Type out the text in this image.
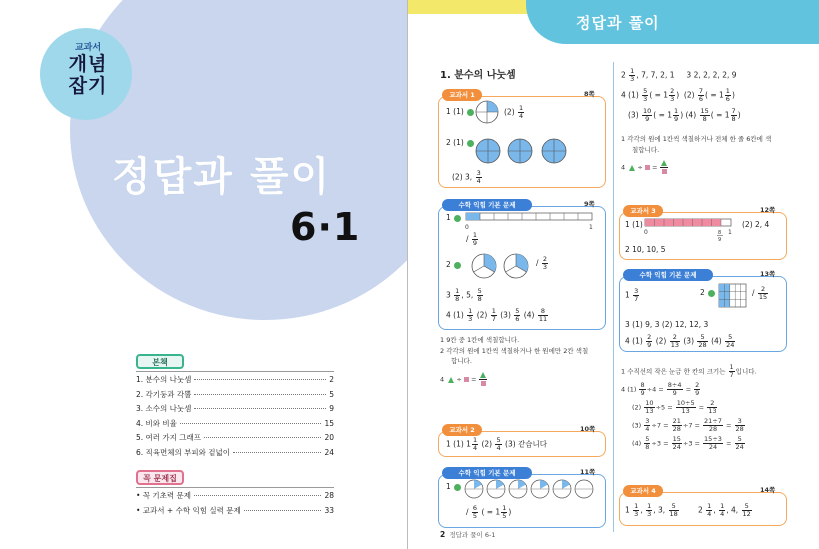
교과서
개념
잡기
정답과 풀이
6·1
본책
1. 분수의 나눗셈	2
2. 각기둥과 각뿔	5
3. 소수의 나눗셈	9
4. 비와 비율	15
5. 여러 가지 그래프	20
6. 직육면체의 부피와 겉넓이	24
꼭 문제집
• 꼭 기초력 문제	28
• 교과서 + 수학 익힘 실력 문제	33
정답과 풀이
1. 분수의 나눗셈
교과서 1	8쪽
1 (1)	$(2) \frac{1}{4}$
2 (1)
(2) 3, $\frac{3}{4}$
수학 익힘 기본 문제	9쪽
1
0	1
/ $\frac{1}{9}$
2	/ $\frac{2}{3}$
$3 \frac{1}{8}$ , 5, $\frac{5}{8}$
4 $(1) \frac{1}{3} (2) \frac{1}{7} (3) \frac{5}{6} (4) \frac{8}{11}$
1 9칸 중 1칸에 색칠합니다.
2 각각의 원에 1칸씩 색칠하거나 한 원에만 2칸 색칠
합니다.
4   ÷  =
교과서 2	10쪽
1 (1) $1 \frac{1}{4} (2) \frac{5}{4} (3)$ 같습니다
수학 익힘 기본 문제	11쪽
1
/ $\frac{6}{5}$ ( = $1 \frac{1}{5}$ )
$2 \frac{1}{3}$ , 7, 7, 2, 1 3 2, 2, 2, 2, 9
4 $(1) \frac{5}{3}$ ( = $1 \frac{2}{3}$ )  $(2) \frac{7}{6}$ ( = $1 \frac{1}{6}$ )
$(3) \frac{10}{9}$ ( = $1 \frac{1}{9}$ ) $(4) \frac{15}{8}$ ( = $1 \frac{7}{8}$ )
1 각각의 원에 1칸씩 색칠하거나 전체 한 줄 6칸에 색
칠합니다.
4   ÷  =
교과서 3	12쪽
1 (1)
0	8
9
1
(2) 2, 4
2 10, 10, 5
수학 익힘 기본 문제	13쪽
$1 \frac{3}{7}$	2	/ $\frac{2}{15}$
3 (1) 9, 3 (2) 12, 12, 3
4 $(1) \frac{2}{9} (2) \frac{2}{13} (3) \frac{5}{28} (4) \frac{5}{24}$
1 수직선의 작은 눈금 한 칸의 크기는 $\frac{1}{7}$ 입니다.
4 $(1) \frac{8}{9} \div 4 = \frac{8\div 4}{9} = \frac{2}{9}$
$(2) \frac{10}{13} \div 5 = \frac{10\div 5}{13} = \frac{2}{13}$
$(3) \frac{3}{4} \div 7 = \frac{21}{28} \div 7 = \frac{21\div 7}{28} = \frac{3}{28}$
$(4) \frac{5}{8} \div 3 = \frac{15}{24} \div 3 = \frac{15\div 3}{24} = \frac{5}{24}$
교과서 4	14쪽
$1 \frac{1}{3}$ , $\frac{1}{3}$ , 3, $\frac{5}{18}$	$2 \frac{1}{4}$ , $\frac{1}{4}$ , 4, $\frac{5}{12}$
2 정답과 풀이 6-1
